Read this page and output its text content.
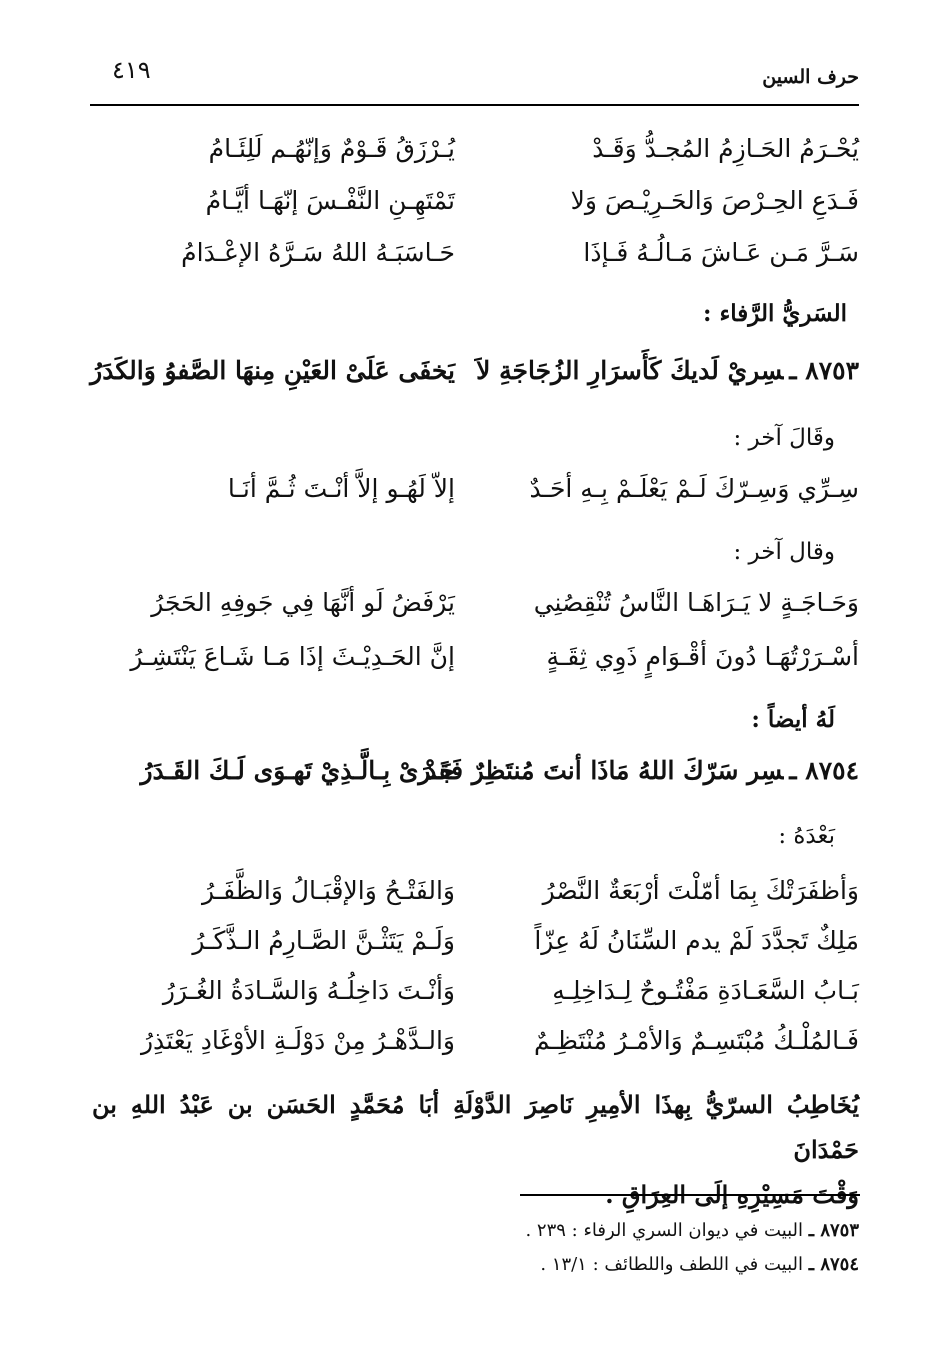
٤١٩	حرف السين
يُحْـرَمُ الحَـازِمُ المُجـدُّ وَقَـدْ
يُـرْزَقُ قَـوْمٌ وَإنّهُـم لَلِئَـامُ
فَـدَعِ الحِـرْصَ وَالحَـرِيْـصَ وَلا
تَمْتَهِـنِ النَّفْـسَ إنّهَـا أيَّـامُ
سَـرَّ مَـن عَـاشَ مَـالُـهُ فَـإذَا
حَـاسَبَـهُ اللهُ سَـرَّهُ الإعْـدَامُ
السَريُّ الرَّفاء :
٨٧٥٣ ـسِريْ لَديكَ كَأَسرَارِ الزُجَاجَةِ لاَ
يَخفَى عَلَىْ العَيْنِ مِنهَا الصَّفوُ وَالكَدَرُ
وقَالَ آخر :
سِـرِّي وَسِـرّكَ لَـمْ يَعْلَـمْ بِـهِ أحَـدٌ
إلاّ لَهُـو إلاَّ أنْـتَ ثُـمَّ أنَـا
وقال آخر :
وَحَـاجَـةٍ لا يَـرَاهَـا النَّاسُ تُنْقِصُنِي
يَرْفَضُ لَو أنَّهَا فِي جَوفِهِ الحَجَرُ
أسْـرَرْتُهَـا دُونَ أقْـوَامٍ ذَوِي ثِقَـةٍ
إنَّ الحَـدِيْـثَ إذَا مَـا شَـاعَ يَنْتَشِـرُ
لَهُ أيضاً :
٨٧٥٤ ـسِر سَرّكَ اللهُ مَاذَا أنتَ مُنتَظِرٌ فَقَدْ
جَـرَىْ بِـالَّـذِيْ تَهـوَى لَـكَ القَـدَرُ
بَعْدَهُ :
وَأظفَرَتْكَ بِمَا أمّلْتَ أرْبَعَةٌ النَّصْرُ
وَالفَتْـحُ وَالإقْبَـالُ وَالظَّفَـرُ
مَلِكٌ تَجدَّدَ لَمْ يدم السِّنَانُ لَهُ عِزّاً
وَلَـمْ يَتَثْـنَّ الصَّـارِمُ الـذَّكَـرُ
بَـابُ السَّعَـادَةِ مَفْتُـوحٌ لِـدَاخِلِـهِ
وَأنْـتَ دَاخِلُـهُ وَالسَّـادَةُ الغُـرَرُ
فَـالمُلْـكُ مُبْتَسِـمٌ وَالأمْـرُ مُنْتَظِـمٌ
وَالـدَّهْـرُ مِنْ دَوْلَـةِ الأوْغَادِ يَعْتَذِرُ
يُخَاطِبُ السرّيُّ بِهذَا الأمِيرِ نَاصِرَ الدَّوْلَةِ أبَا مُحَمَّدٍ الحَسَن بن عَبْدُ اللهِ بن حَمْدَانَ
وَقْتَ مَسِيْرِهِ إلَى العِرَاقِ .
٨٧٥٣ ـ البيت في ديوان السري الرفاء : ٢٣٩ .
٨٧٥٤ ـ البيت في اللطف واللطائف : ١٣/١ .
